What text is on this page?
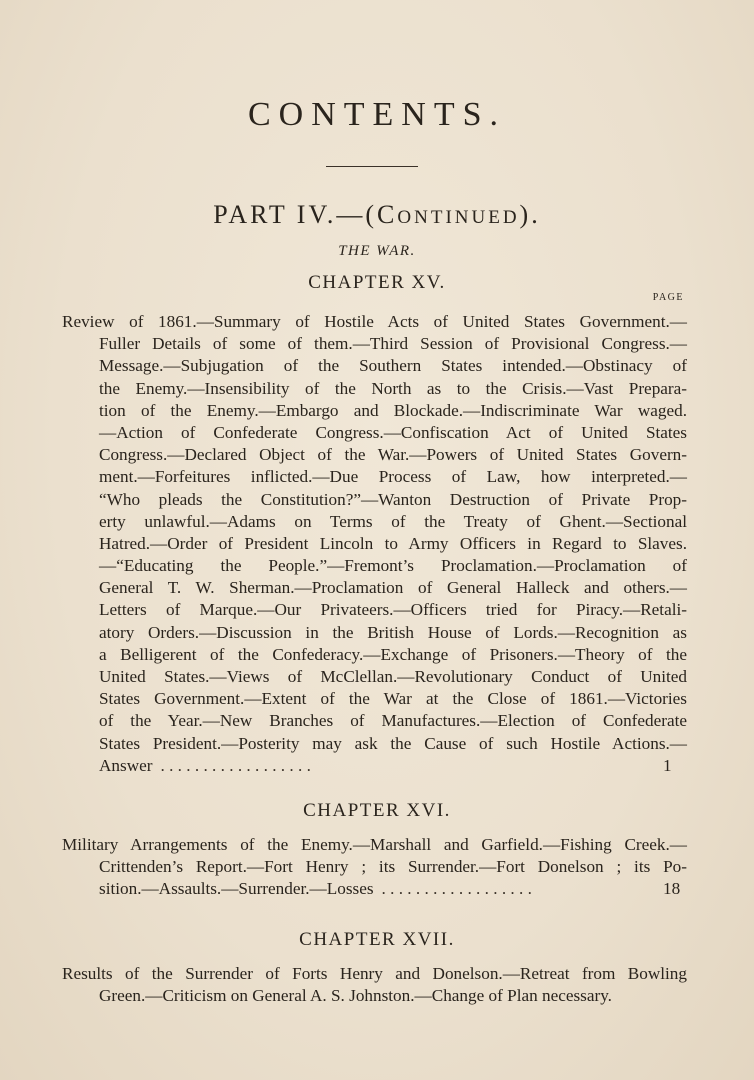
CONTENTS.
PART IV.—(CONTINUED).
THE WAR.
CHAPTER XV.
PAGE
Review of 1861.—Summary of Hostile Acts of United States Government.—
Fuller Details of some of them.—Third Session of Provisional Congress.—
Message.—Subjugation of the Southern States intended.—Obstinacy of
the Enemy.—Insensibility of the North as to the Crisis.—Vast Prepara-
tion of the Enemy.—Embargo and Blockade.—Indiscriminate War waged.
—Action of Confederate Congress.—Confiscation Act of United States
Congress.—Declared Object of the War.—Powers of United States Govern-
ment.—Forfeitures inflicted.—Due Process of Law, how interpreted.—
“Who pleads the Constitution?”—Wanton Destruction of Private Prop-
erty unlawful.—Adams on Terms of the Treaty of Ghent.—Sectional
Hatred.—Order of President Lincoln to Army Officers in Regard to Slaves.
—“Educating the People.”—Fremont’s Proclamation.—Proclamation of
General T. W. Sherman.—Proclamation of General Halleck and others.—
Letters of Marque.—Our Privateers.—Officers tried for Piracy.—Retali-
atory Orders.—Discussion in the British House of Lords.—Recognition as
a Belligerent of the Confederacy.—Exchange of Prisoners.—Theory of the
United States.—Views of McClellan.—Revolutionary Conduct of United
States Government.—Extent of the War at the Close of 1861.—Victories
of the Year.—New Branches of Manufactures.—Election of Confederate
States President.—Posterity may ask the Cause of such Hostile Actions.—
Answer . . . . . . . . . . . . . . . . . .	1
CHAPTER XVI.
Military Arrangements of the Enemy.—Marshall and Garfield.—Fishing Creek.—
Crittenden’s Report.—Fort Henry ; its Surrender.—Fort Donelson ; its Po-
sition.—Assaults.—Surrender.—Losses . . . . . . . . . . . . . . . . . .	18
CHAPTER XVII.
Results of the Surrender of Forts Henry and Donelson.—Retreat from Bowling
Green.—Criticism on General A. S. Johnston.—Change of Plan necessary.
